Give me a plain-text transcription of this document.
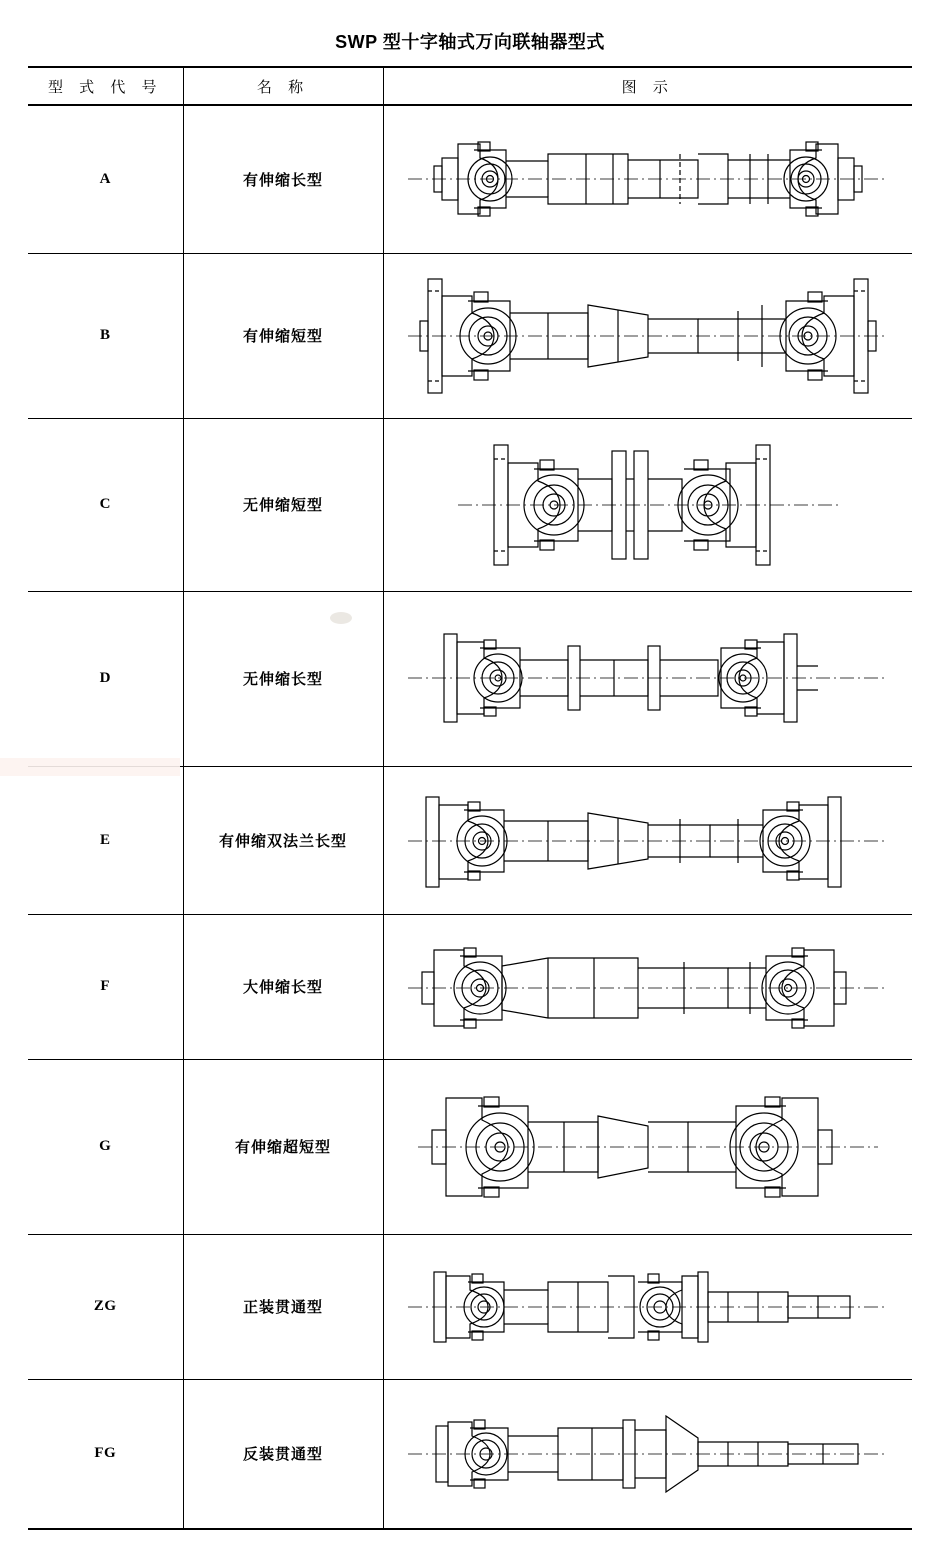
SWP 型十字轴式万向联轴器型式
型 式 代 号	名 称	图 示
A	有伸缩长型	

B	有伸缩短型	

C	无伸缩短型	

D	无伸缩长型	

E	有伸缩双法兰长型	

F	大伸缩长型	

G	有伸缩超短型	

ZG	正装贯通型	

FG	反装贯通型	
